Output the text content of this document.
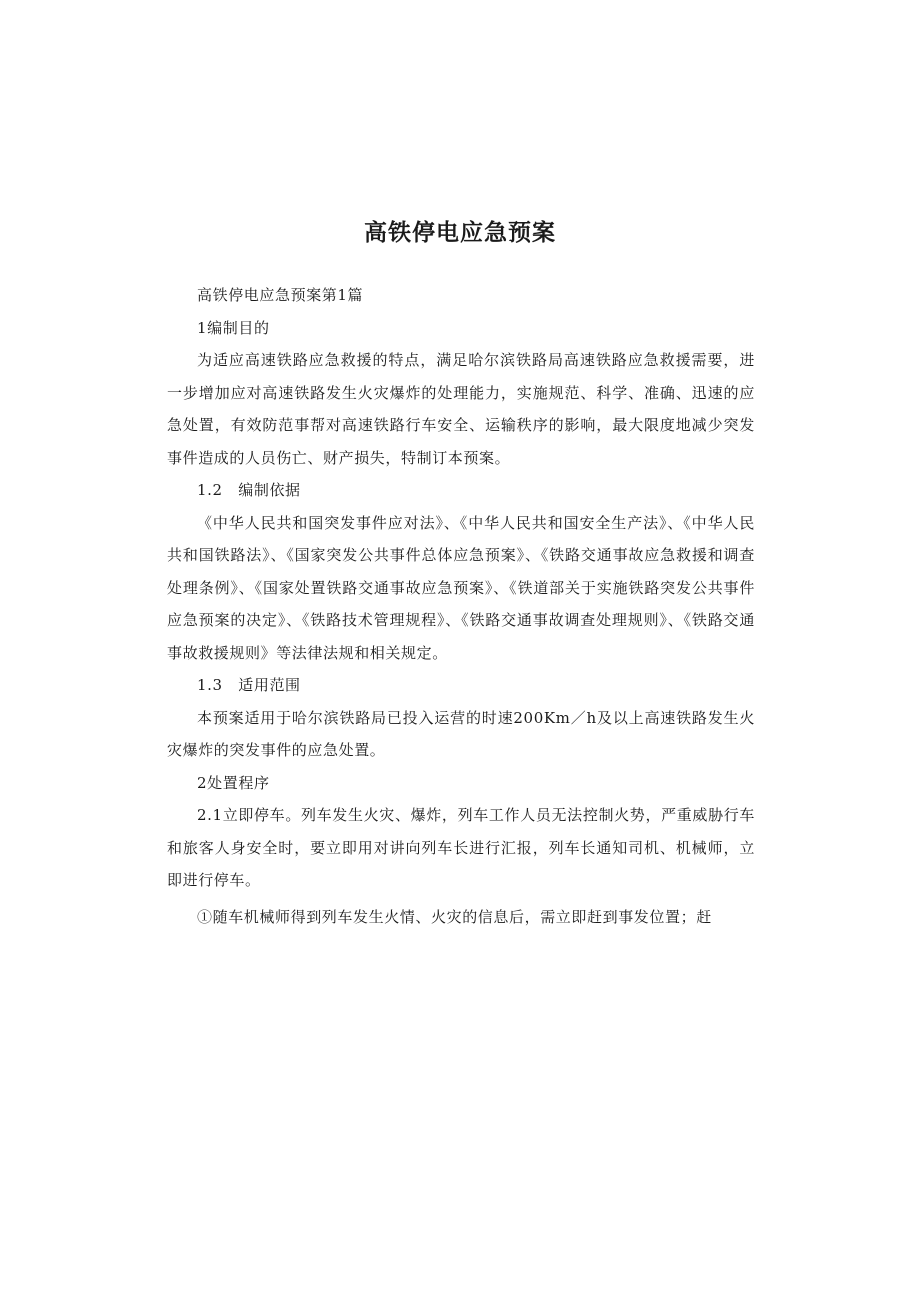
高铁停电应急预案

高铁停电应急预案第1篇

1编制目的

为适应高速铁路应急救援的特点，满足哈尔滨铁路局高速铁路应急救援需要，进一步增加应对高速铁路发生火灾爆炸的处理能力，实施规范、科学、准确、迅速的应急处置，有效防范事帮对高速铁路行车安全、运输秩序的影响，最大限度地减少突发事件造成的人员伤亡、财产损失，特制订本预案。

1.2　编制依据

《中华人民共和国突发事件应对法》、《中华人民共和国安全生产法》、《中华人民共和国铁路法》、《国家突发公共事件总体应急预案》、《铁路交通事故应急救援和调查处理条例》、《国家处置铁路交通事故应急预案》、《铁道部关于实施铁路突发公共事件应急预案的决定》、《铁路技术管理规程》、《铁路交通事故调查处理规则》、《铁路交通事故救援规则》等法律法规和相关规定。

1.3　适用范围

本预案适用于哈尔滨铁路局已投入运营的时速200Km／h及以上高速铁路发生火灾爆炸的突发事件的应急处置。

2处置程序

2.1立即停车。列车发生火灾、爆炸，列车工作人员无法控制火势，严重威胁行车和旅客人身安全时，要立即用对讲向列车长进行汇报，列车长通知司机、机械师，立即进行停车。

①随车机械师得到列车发生火情、火灾的信息后，需立即赶到事发位置；赶
